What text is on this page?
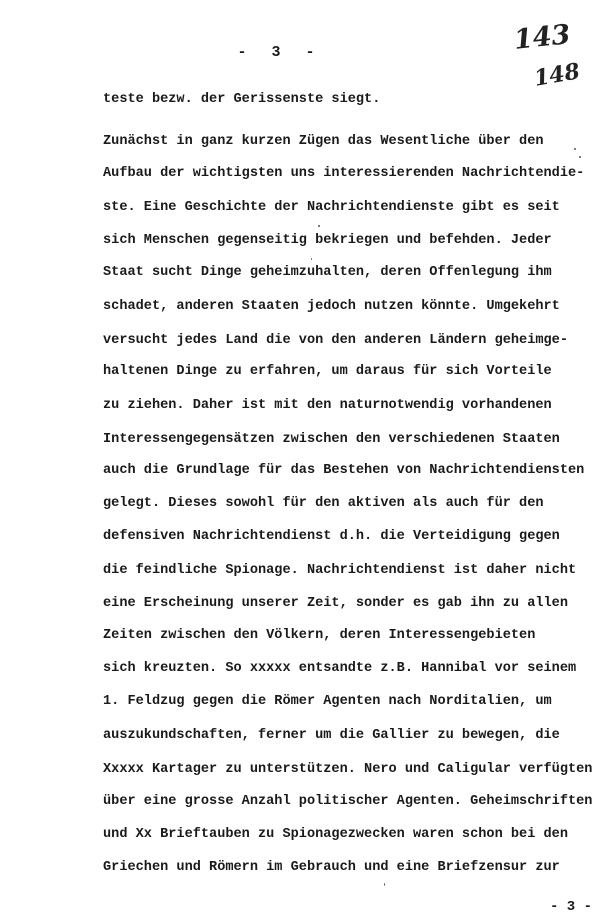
- 3 -	143
148
teste bezw. der Gerissenste siegt.
Zunächst in ganz kurzen Zügen das Wesentliche über den
Aufbau der wichtigsten uns interessierenden Nachrichtendie-
ste. Eine Geschichte der Nachrichtendienste gibt es seit
sich Menschen gegenseitig bekriegen und befehden. Jeder
Staat sucht Dinge geheimzuhalten, deren Offenlegung ihm
schadet, anderen Staaten jedoch nutzen könnte. Umgekehrt
versucht jedes Land die von den anderen Ländern geheimge-
haltenen Dinge zu erfahren, um daraus für sich Vorteile
zu ziehen. Daher ist mit den naturnotwendig vorhandenen
Interessengegensätzen zwischen den verschiedenen Staaten
auch die Grundlage für das Bestehen von Nachrichtendiensten
gelegt. Dieses sowohl für den aktiven als auch für den
defensiven Nachrichtendienst d.h. die Verteidigung gegen
die feindliche Spionage. Nachrichtendienst ist daher nicht
eine Erscheinung unserer Zeit, sonder es gab ihn zu allen
Zeiten zwischen den Völkern, deren Interessengebieten
sich kreuzten. So xxxxx entsandte z.B. Hannibal vor seinem
1. Feldzug gegen die Römer Agenten nach Norditalien, um
auszukundschaften, ferner um die Gallier zu bewegen, die
Xxxxx Kartager zu unterstützen. Nero und Caligular verfügten
über eine grosse Anzahl politischer Agenten. Geheimschriften
und Xx Brieftauben zu Spionagezwecken waren schon bei den
Griechen und Römern im Gebrauch und eine Briefzensur zur
- 3 -
